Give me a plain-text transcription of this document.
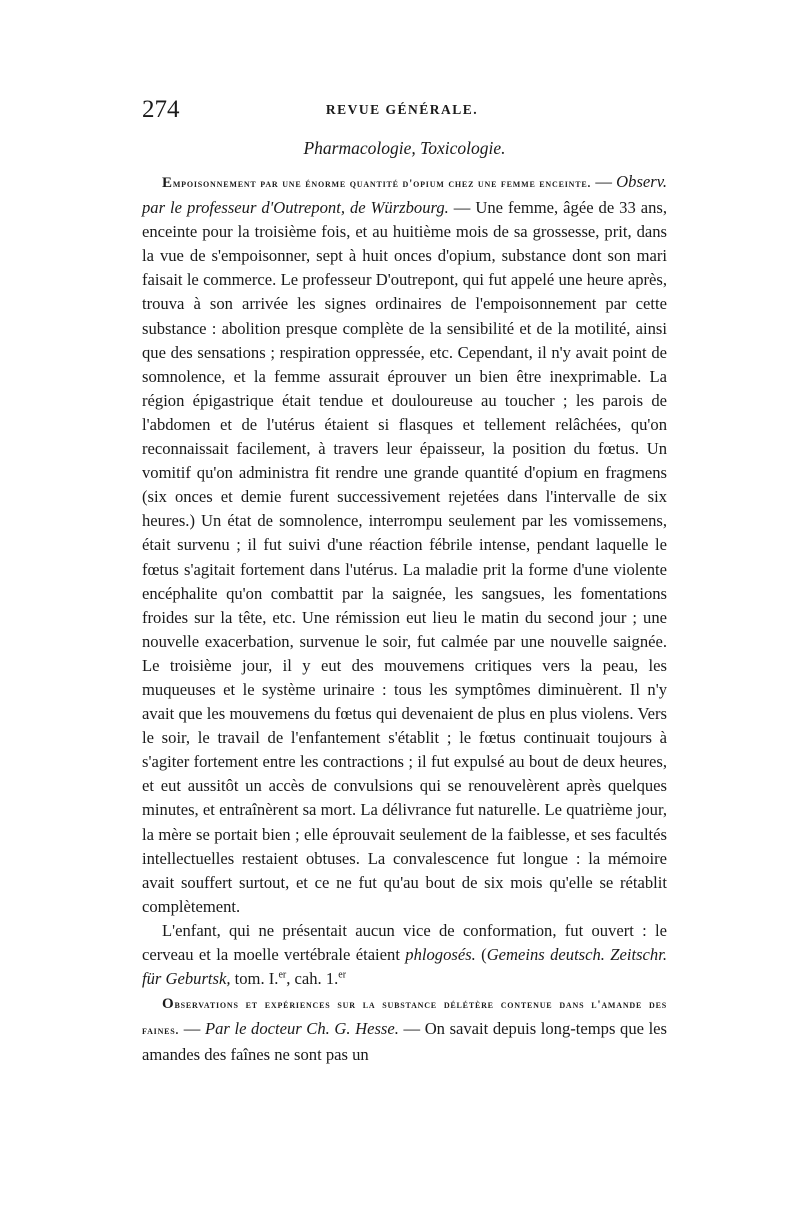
274	REVUE GÉNÉRALE.
Pharmacologie, Toxicologie.

Empoisonnement par une énorme quantité d'opium chez une femme enceinte. — Observ. par le professeur d'Outrepont, de Würzbourg. — Une femme, âgée de 33 ans, enceinte pour la troisième fois, et au huitième mois de sa grossesse, prit, dans la vue de s'empoisonner, sept à huit onces d'opium, substance dont son mari faisait le commerce. Le professeur D'outrepont, qui fut appelé une heure après, trouva à son arrivée les signes ordinaires de l'empoisonnement par cette substance : abolition presque complète de la sensibilité et de la motilité, ainsi que des sensations ; respiration oppressée, etc. Cependant, il n'y avait point de somnolence, et la femme assurait éprouver un bien être inexprimable. La région épigastrique était tendue et douloureuse au toucher ; les parois de l'abdomen et de l'utérus étaient si flasques et tellement relâchées, qu'on reconnaissait facilement, à travers leur épaisseur, la position du fœtus. Un vomitif qu'on administra fit rendre une grande quantité d'opium en fragmens (six onces et demie furent successivement rejetées dans l'intervalle de six heures.) Un état de somnolence, interrompu seulement par les vomissemens, était survenu ; il fut suivi d'une réaction fébrile intense, pendant laquelle le fœtus s'agitait fortement dans l'utérus. La maladie prit la forme d'une violente encéphalite qu'on combattit par la saignée, les sangsues, les fomentations froides sur la tête, etc. Une rémission eut lieu le matin du second jour ; une nouvelle exacerbation, survenue le soir, fut calmée par une nouvelle saignée. Le troisième jour, il y eut des mouvemens critiques vers la peau, les muqueuses et le système urinaire : tous les symptômes diminuèrent. Il n'y avait que les mouvemens du fœtus qui devenaient de plus en plus violens. Vers le soir, le travail de l'enfantement s'établit ; le fœtus continuait toujours à s'agiter fortement entre les contractions ; il fut expulsé au bout de deux heures, et eut aussitôt un accès de convulsions qui se renouvelèrent après quelques minutes, et entraînèrent sa mort. La délivrance fut naturelle. Le quatrième jour, la mère se portait bien ; elle éprouvait seulement de la faiblesse, et ses facultés intellectuelles restaient obtuses. La convalescence fut longue : la mémoire avait souffert surtout, et ce ne fut qu'au bout de six mois qu'elle se rétablit complètement.

L'enfant, qui ne présentait aucun vice de conformation, fut ouvert : le cerveau et la moelle vertébrale étaient phlogosés. (Gemeins deutsch. Zeitschr. für Geburtsk, tom. I.$^{er}$, cah. 1.$^{er}$

Observations et expériences sur la substance délétère contenue dans l'amande des faines. — Par le docteur Ch. G. Hesse. — On savait depuis long-temps que les amandes des faînes ne sont pas un
